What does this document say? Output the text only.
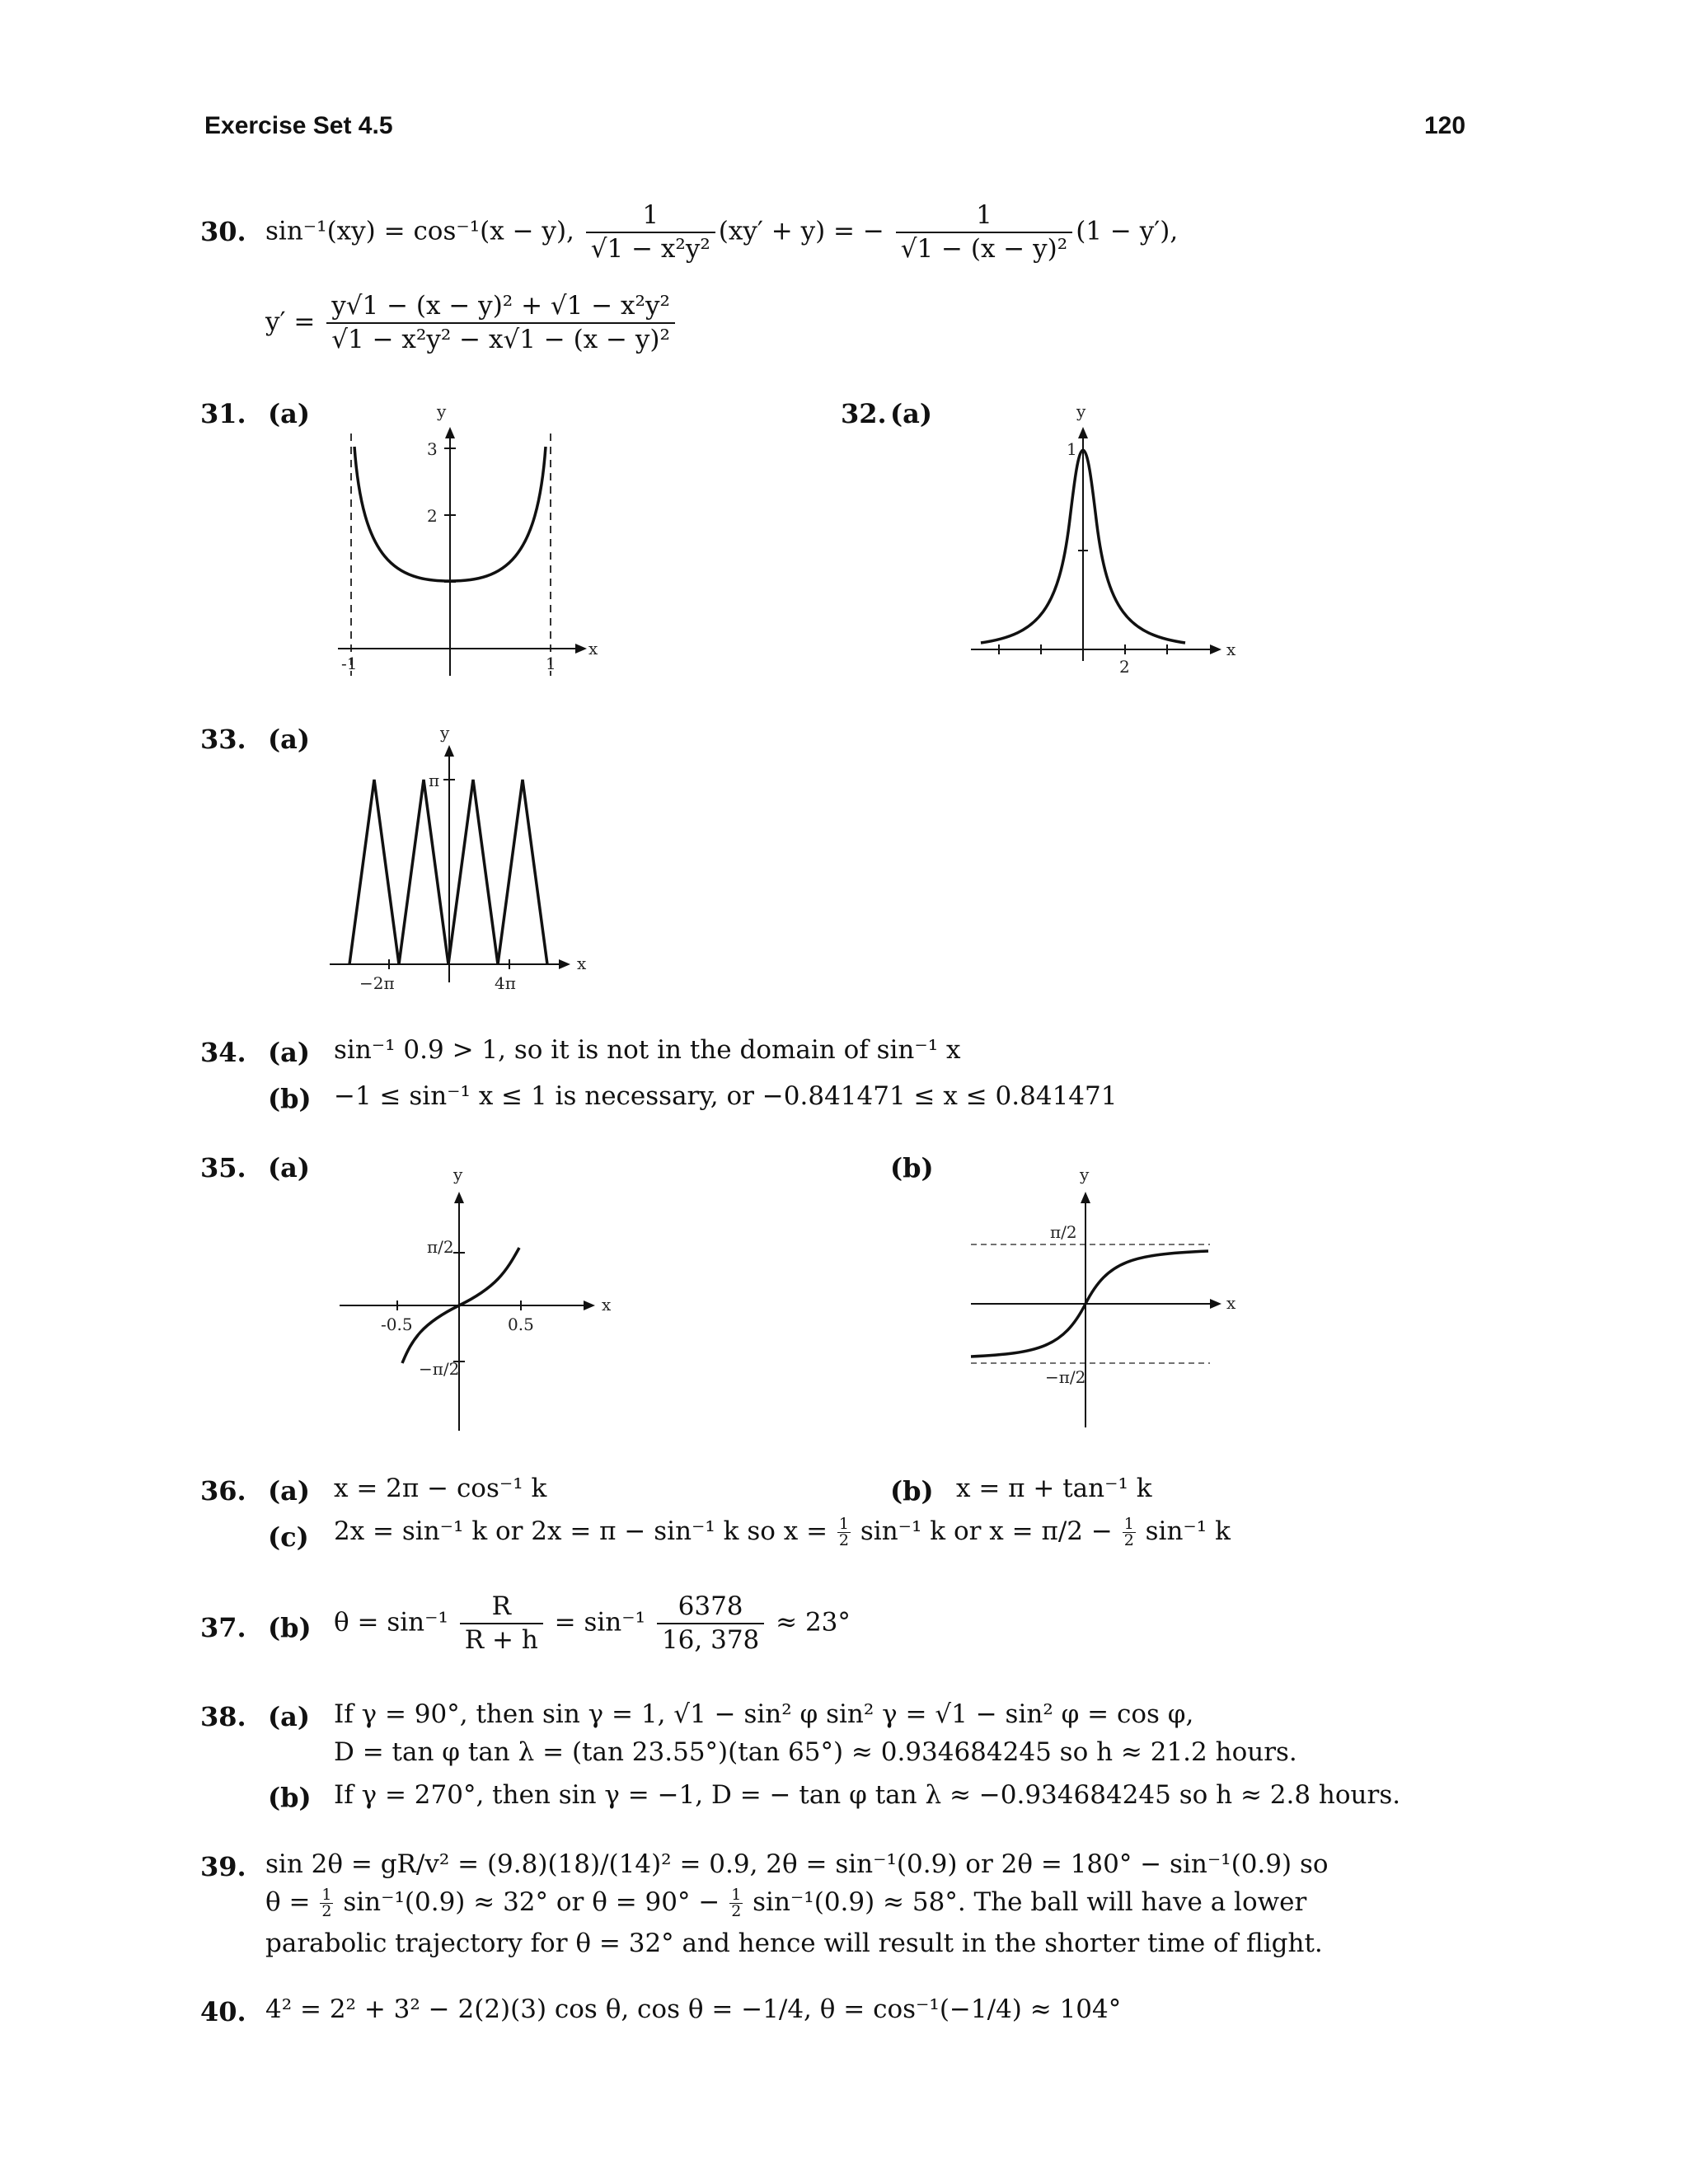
Exercise Set 4.5	120
30. sin⁻¹(xy) = cos⁻¹(x − y), $\frac{1}{\text{√1 − x²y²}} (xy' + y)$ = − $\frac{1}{\text{√1 − (x − y)²}} (1 - y')$,
$y' = \frac{\text{y√1 − (x − y)² + √1 − x²y²}}{\text{√1 − x²y² − x√1 − (x − y)²}}$
31. (a)	y
3
2
x
-1	1
32. (a)	y
1
x
2
33. (a)	y
π
x
−2π	4π
34. (a) sin⁻¹ 0.9 > 1, so it is not in the domain of sin⁻¹ x
(b) −1 ≤ sin⁻¹ x ≤ 1 is necessary, or −0.841471 ≤ x ≤ 0.841471
35. (a)	(b)
y
π/2
−π/2
x
-0.5	0.5
y
π/2
−π/2
x
36. (a) x = 2π − cos⁻¹ k	(b) x = π + tan⁻¹ k
(c) 2x = sin⁻¹ k or 2x = π − sin⁻¹ k so $x = \frac{1}{2} \sin^{-1}$ k or $x = \pi/2 - \frac{1}{2} \sin^{-1}$ k
37. (b) $\theta = \sin^{-1} \frac{R}{R + h} = \sin^{-1} \frac{6378}{16, 378} \approx 23^\circ$
38. (a) If γ = 90°, then sin γ = 1, √1 − sin² φ sin² γ = √1 − sin² φ = cos φ,
D = tan φ tan λ = (tan 23.55°)(tan 65°) ≈ 0.934684245 so h ≈ 21.2 hours.
(b) If γ = 270°, then sin γ = −1, D = − tan φ tan λ ≈ −0.934684245 so h ≈ 2.8 hours.
39. sin 2θ = gR/v² = (9.8)(18)/(14)² = 0.9, 2θ = sin⁻¹(0.9) or 2θ = 180° − sin⁻¹(0.9) so
$\theta = \frac{1}{2} \sin^{-1}(0.9) \approx 32^\circ$ or $\theta = 90^\circ - \frac{1}{2} \sin^{-1}(0.9) \approx 58^\circ$. The ball will have a lower
parabolic trajectory for θ = 32° and hence will result in the shorter time of flight.
40. 4² = 2² + 3² − 2(2)(3) cos θ, cos θ = −1/4, θ = cos⁻¹(−1/4) ≈ 104°
